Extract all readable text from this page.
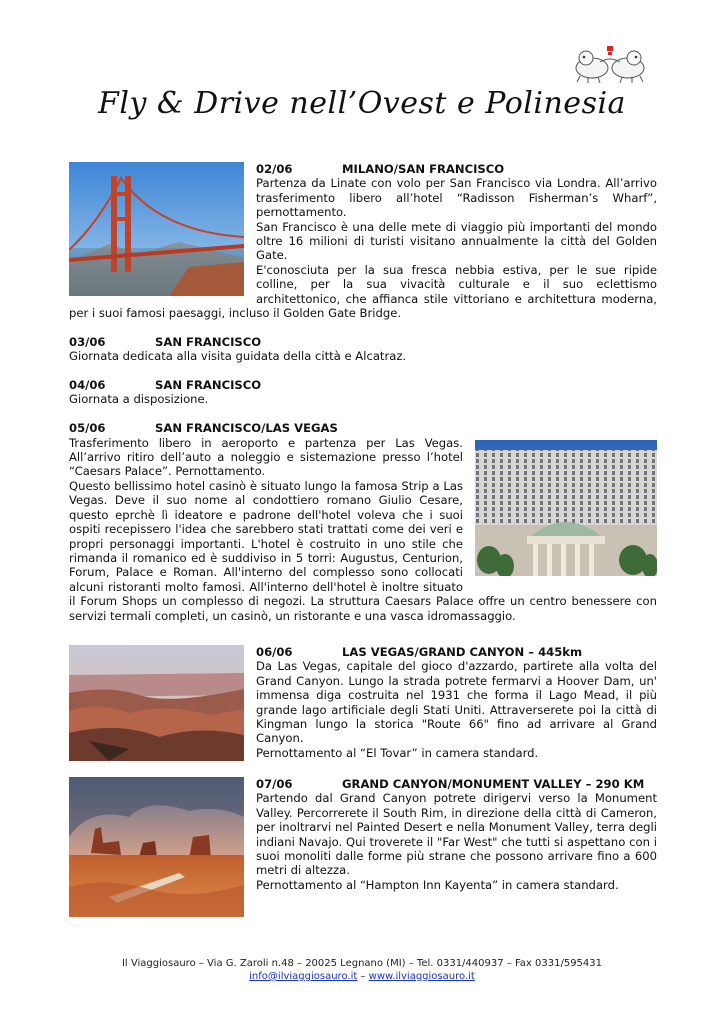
Fly & Drive nell’Ovest e Polinesia

02/06	MILANO/SAN FRANCISCO

Partenza da Linate con volo per San Francisco via Londra. All’arrivo trasferimento libero all’hotel “Radisson Fisherman’s Wharf”, pernottamento.

San Francisco è una delle mete di viaggio più importanti del mondo oltre 16 milioni di turisti visitano annualmente la città del Golden Gate.

E'conosciuta per la sua fresca nebbia estiva, per le sue ripide colline, per la sua vivacità culturale e il suo eclettismo architettonico, che affianca stile vittoriano e architettura moderna, per i suoi famosi paesaggi, incluso il Golden Gate Bridge.

03/06	SAN FRANCISCO

Giornata dedicata alla visita guidata della città e Alcatraz.

04/06	SAN FRANCISCO

Giornata a disposizione.

05/06	SAN FRANCISCO/LAS VEGAS

Trasferimento libero in aeroporto e partenza per Las Vegas. All’arrivo ritiro dell’auto a noleggio e sistemazione presso l’hotel “Caesars Palace”. Pernottamento.

Questo bellissimo hotel casinò è situato lungo la famosa Strip a Las Vegas. Deve il suo nome al condottiero romano Giulio Cesare, questo eprchè lì ideatore e padrone dell'hotel voleva che i suoi ospiti recepissero l'idea che sarebbero stati trattati come dei veri e propri personaggi importanti. L'hotel è costruito in uno stile che rimanda il romanico ed è suddiviso in 5 torri: Augustus, Centurion, Forum, Palace e Roman. All'interno del complesso sono collocati alcuni ristoranti molto famosi. All'interno dell'hotel è inoltre situato il Forum Shops un complesso di negozi. La struttura Caesars Palace offre un centro benessere con servizi termali completi, un casinò, un ristorante e una vasca idromassaggio.

06/06	LAS VEGAS/GRAND CANYON – 445km

Da Las Vegas, capitale del gioco d'azzardo, partirete alla volta del Grand Canyon. Lungo la strada potrete fermarvi a Hoover Dam, un' immensa diga costruita nel 1931 che forma il Lago Mead, il più grande lago artificiale degli Stati Uniti. Attraverserete poi la città di Kingman lungo la storica "Route 66" fino ad arrivare al Grand Canyon.

Pernottamento al “El Tovar” in camera standard.

07/06	GRAND CANYON/MONUMENT VALLEY – 290 KM

Partendo dal Grand Canyon potrete dirigervi verso la Monument Valley. Percorrerete il South Rim, in direzione della città di Cameron, per inoltrarvi nel Painted Desert e nella Monument Valley, terra degli indiani Navajo. Qui troverete il "Far West" che tutti si aspettano con i suoi monoliti dalle forme più strane che possono arrivare fino a 600 metri di altezza.

Pernottamento al “Hampton Inn Kayenta” in camera standard.

Il Viaggiosauro – Via G. Zaroli n.48 – 20025 Legnano (MI) – Tel. 0331/440937 – Fax 0331/595431
info@ilviaggiosauro.it – www.ilviaggiosauro.it
